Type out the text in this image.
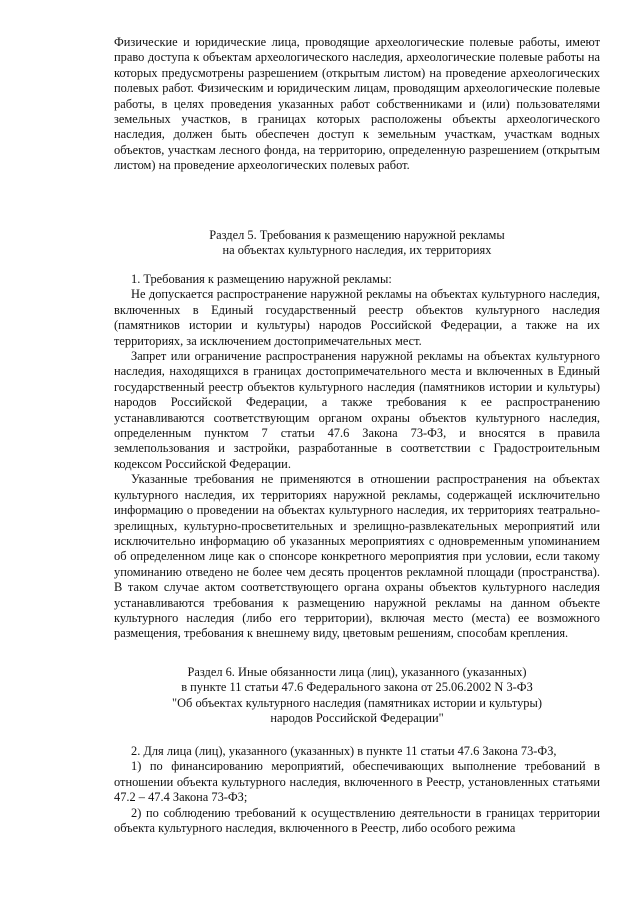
Физические и юридические лица, проводящие археологические полевые работы, имеют право доступа к объектам археологического наследия, археологические полевые работы на которых предусмотрены разрешением (открытым листом) на проведение археологических полевых работ. Физическим и юридическим лицам, проводящим археологические полевые работы, в целях проведения указанных работ собственниками и (или) пользователями земельных участков, в границах которых расположены объекты археологического наследия, должен быть обеспечен доступ к земельным участкам, участкам водных объектов, участкам лесного фонда, на территорию, определенную разрешением (открытым листом) на проведение археологических полевых работ.

Раздел 5. Требования к размещению наружной рекламы
на объектах культурного наследия, их территориях

1. Требования к размещению наружной рекламы:

Не допускается распространение наружной рекламы на объектах культурного наследия, включенных в Единый государственный реестр объектов культурного наследия (памятников истории и культуры) народов Российской Федерации, а также на их территориях, за исключением достопримечательных мест.

Запрет или ограничение распространения наружной рекламы на объектах культурного наследия, находящихся в границах достопримечательного места и включенных в Единый государственный реестр объектов культурного наследия (памятников истории и культуры) народов Российской Федерации, а также требования к ее распространению устанавливаются соответствующим органом охраны объектов культурного наследия, определенным пунктом 7 статьи 47.6 Закона 73-ФЗ, и вносятся в правила землепользования и застройки, разработанные в соответствии с Градостроительным кодексом Российской Федерации.

Указанные требования не применяются в отношении распространения на объектах культурного наследия, их территориях наружной рекламы, содержащей исключительно информацию о проведении на объектах культурного наследия, их территориях театрально-зрелищных, культурно-просветительных и зрелищно-развлекательных мероприятий или исключительно информацию об указанных мероприятиях с одновременным упоминанием об определенном лице как о спонсоре конкретного мероприятия при условии, если такому упоминанию отведено не более чем десять процентов рекламной площади (пространства). В таком случае актом соответствующего органа охраны объектов культурного наследия устанавливаются требования к размещению наружной рекламы на данном объекте культурного наследия (либо его территории), включая место (места) ее возможного размещения, требования к внешнему виду, цветовым решениям, способам крепления.

Раздел 6. Иные обязанности лица (лиц), указанного (указанных)
в пункте 11 статьи 47.6 Федерального закона от 25.06.2002 N 3-ФЗ
"Об объектах культурного наследия (памятниках истории и культуры)
народов Российской Федерации"

2. Для лица (лиц), указанного (указанных) в пункте 11 статьи 47.6 Закона 73-ФЗ,

1) по финансированию мероприятий, обеспечивающих выполнение требований в отношении объекта культурного наследия, включенного в Реестр, установленных статьями 47.2 – 47.4 Закона 73-ФЗ;

2) по соблюдению требований к осуществлению деятельности в границах территории объекта культурного наследия, включенного в Реестр, либо особого режима
